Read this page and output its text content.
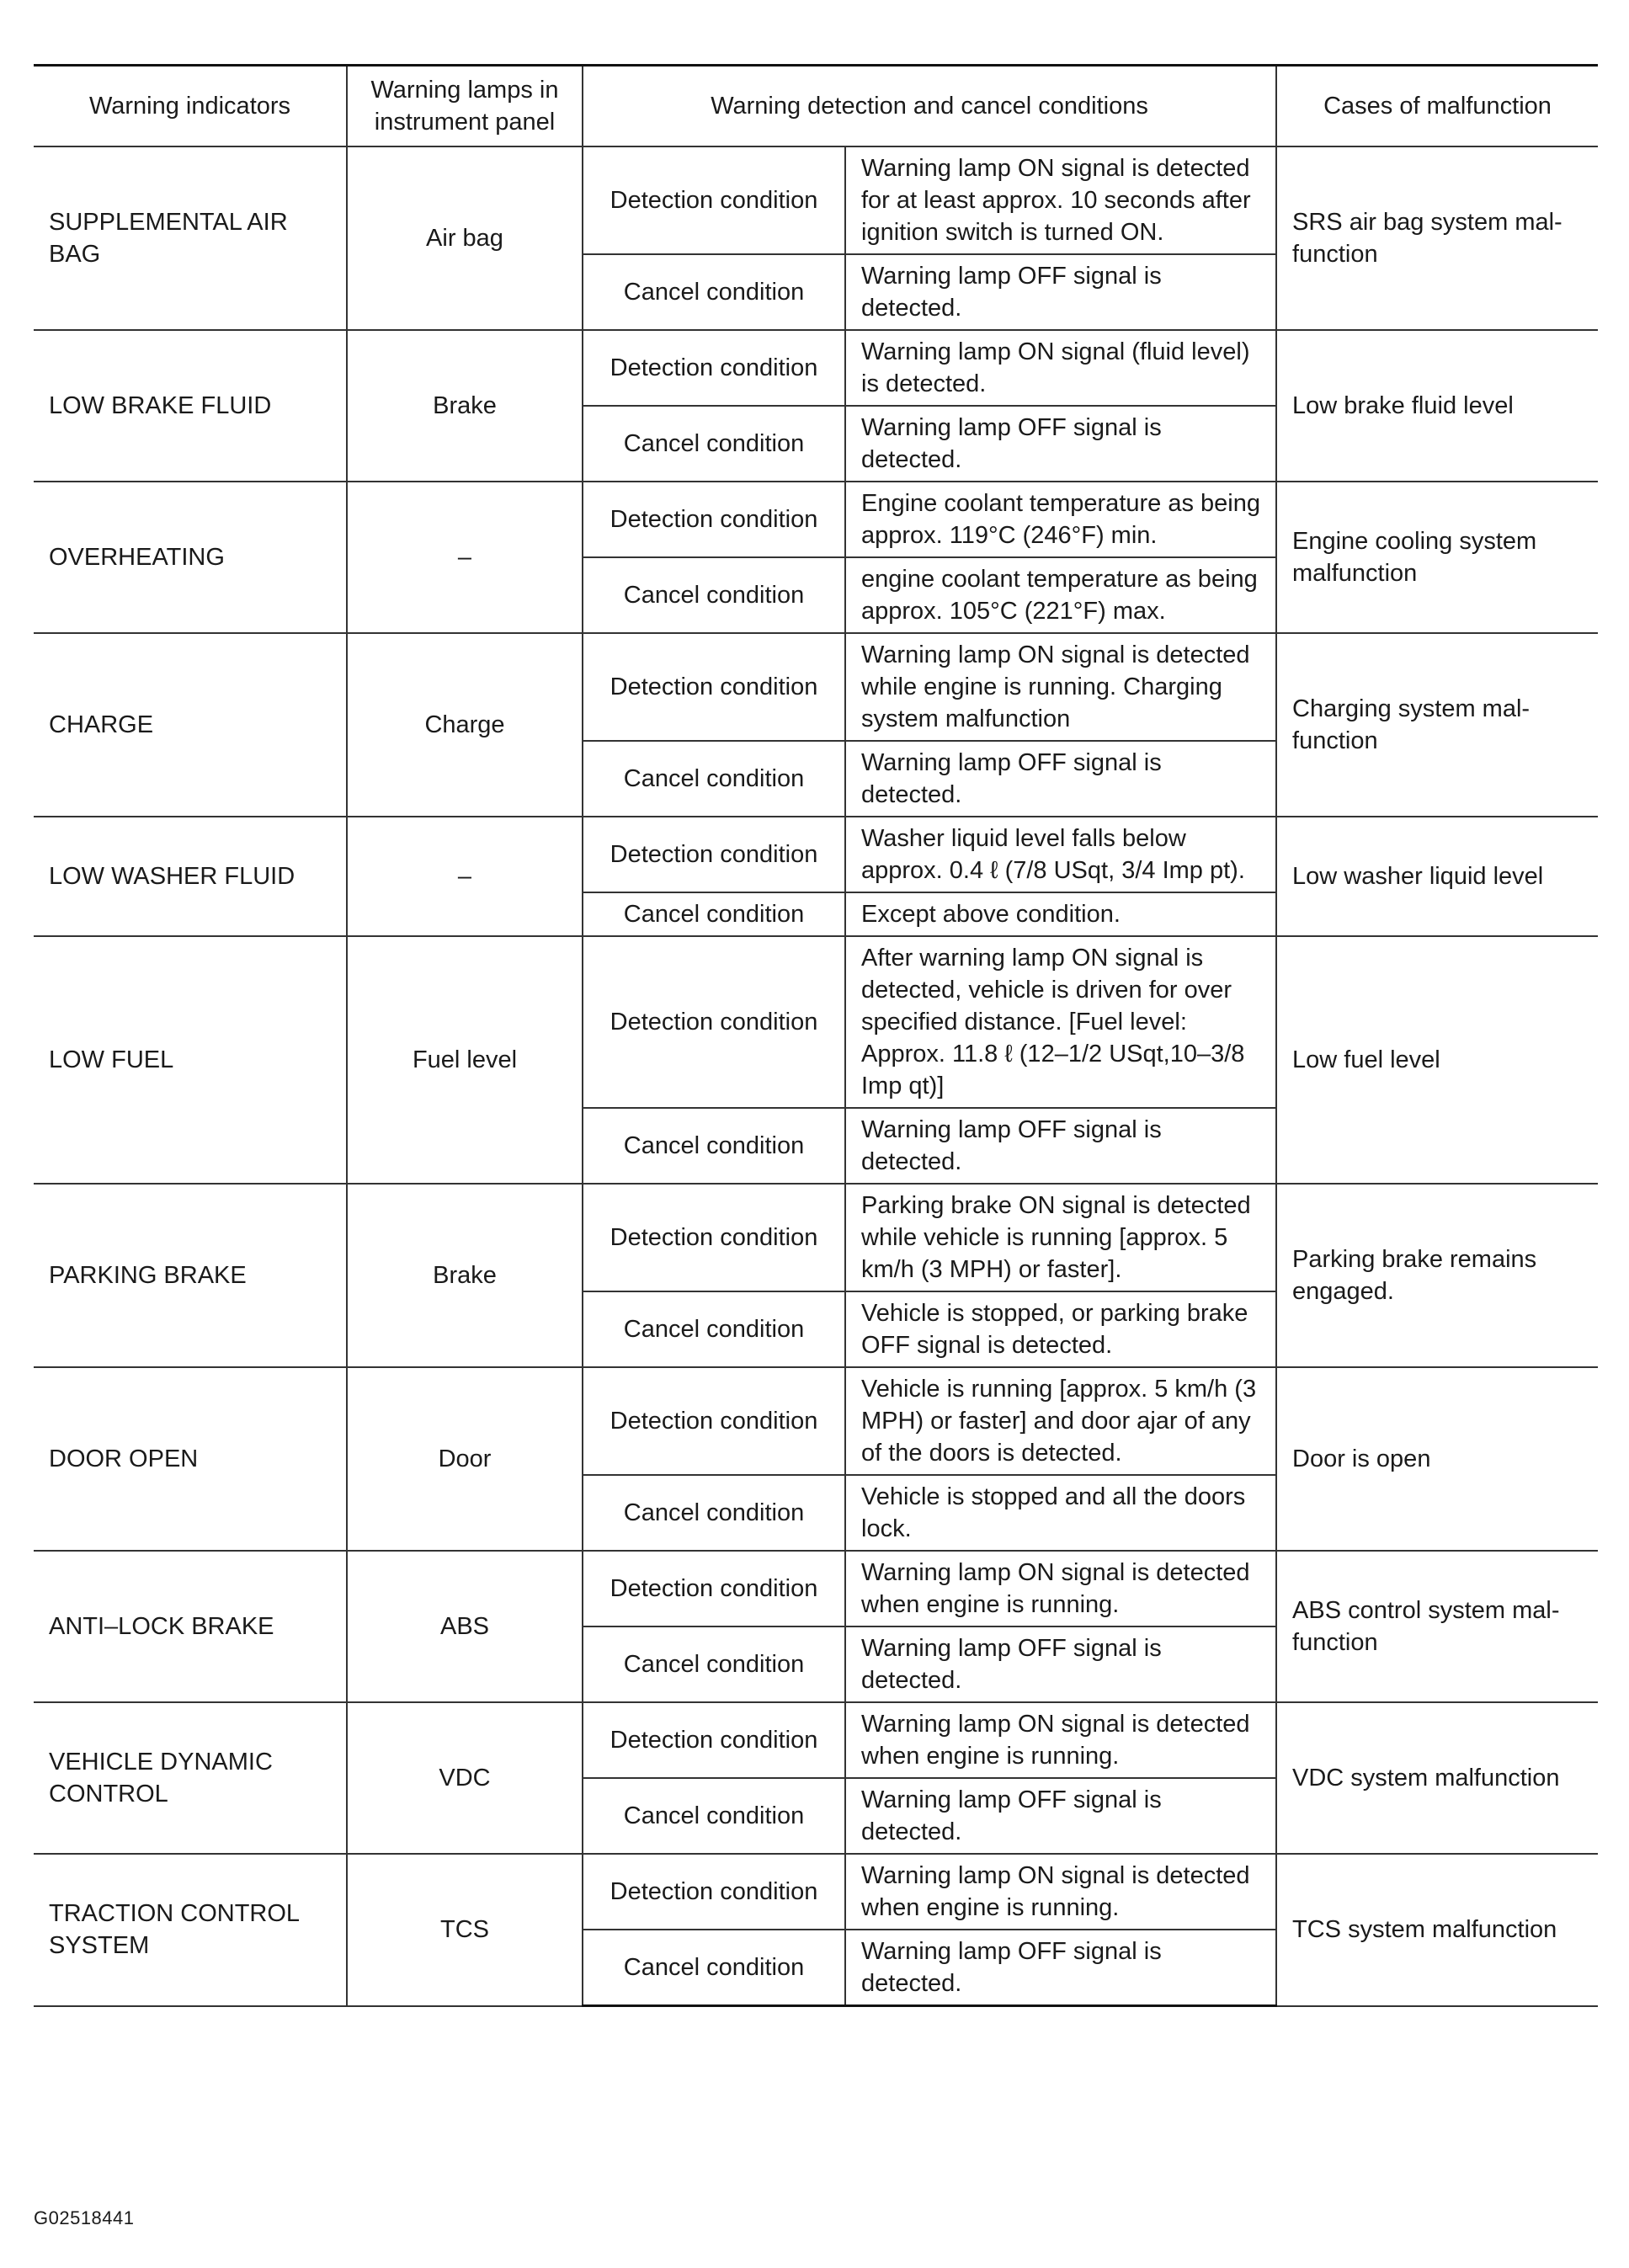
Warning indicators	Warning lamps in instrument panel	Warning detection and cancel conditions		Cases of malfunction
SUPPLEMENTAL AIR BAG	Air bag	Detection condition	Warning lamp ON signal is detected for at least approx. 10 seconds after ignition switch is turned ON.	SRS air bag system mal-function
		Cancel condition	Warning lamp OFF signal is detected.	
LOW BRAKE FLUID	Brake	Detection condition	Warning lamp ON signal (fluid level) is detected.	Low brake fluid level
		Cancel condition	Warning lamp OFF signal is detected.	
OVERHEATING	–	Detection condition	Engine coolant temperature as being approx. 119°C (246°F) min.	Engine cooling system malfunction
		Cancel condition	engine coolant temperature as being approx. 105°C (221°F) max.	
CHARGE	Charge	Detection condition	Warning lamp ON signal is detected while engine is running. Charging system malfunction	Charging system mal-function
		Cancel condition	Warning lamp OFF signal is detected.	
LOW WASHER FLUID	–	Detection condition	Washer liquid level falls below approx. 0.4 ℓ (7/8 USqt, 3/4 Imp pt).	Low washer liquid level
		Cancel condition	Except above condition.	
LOW FUEL	Fuel level	Detection condition	After warning lamp ON signal is detected, vehicle is driven for over specified distance. [Fuel level: Approx. 11.8 ℓ (12–1/2 USqt,10–3/8 Imp qt)]	Low fuel level
		Cancel condition	Warning lamp OFF signal is detected.	
PARKING BRAKE	Brake	Detection condition	Parking brake ON signal is detected while vehicle is running [approx. 5 km/h (3 MPH) or faster].	Parking brake remains engaged.
		Cancel condition	Vehicle is stopped, or parking brake OFF signal is detected.	
DOOR OPEN	Door	Detection condition	Vehicle is running [approx. 5 km/h (3 MPH) or faster] and door ajar of any of the doors is detected.	Door is open
		Cancel condition	Vehicle is stopped and all the doors lock.	
ANTI–LOCK BRAKE	ABS	Detection condition	Warning lamp ON signal is detected when engine is running.	ABS control system mal-function
		Cancel condition	Warning lamp OFF signal is detected.	
VEHICLE DYNAMIC CONTROL	VDC	Detection condition	Warning lamp ON signal is detected when engine is running.	VDC system malfunction
		Cancel condition	Warning lamp OFF signal is detected.	
TRACTION CONTROL SYSTEM	TCS	Detection condition	Warning lamp ON signal is detected when engine is running.	TCS system malfunction
		Cancel condition	Warning lamp OFF signal is detected.	
G02518441
